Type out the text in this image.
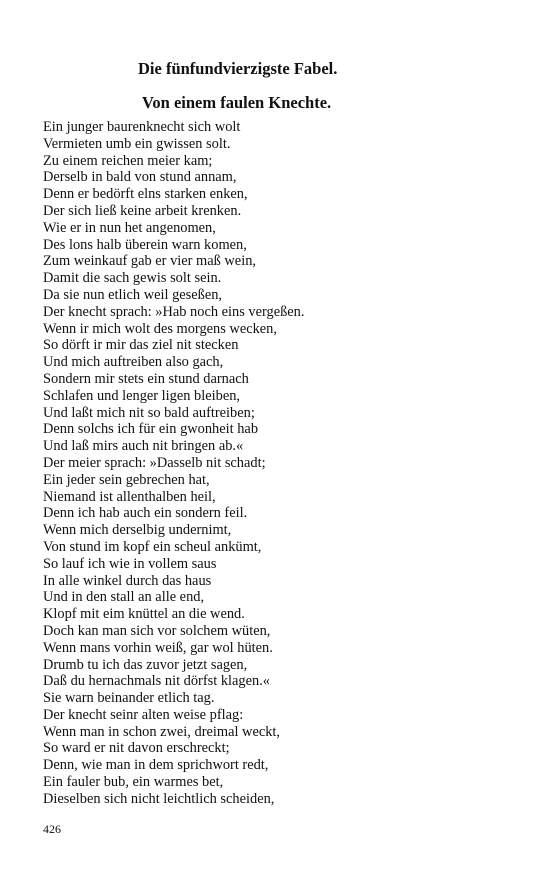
Die fünfundvierzigste Fabel.
Von einem faulen Knechte.
Ein junger baurenknecht sich wolt
Vermieten umb ein gwissen solt.
Zu einem reichen meier kam;
Derselb in bald von stund annam,
Denn er bedörft elns starken enken,
Der sich ließ keine arbeit krenken.
Wie er in nun het angenomen,
Des lons halb überein warn komen,
Zum weinkauf gab er vier maß wein,
Damit die sach gewis solt sein.
Da sie nun etlich weil geseßen,
Der knecht sprach: »Hab noch eins vergeßen.
Wenn ir mich wolt des morgens wecken,
So dörft ir mir das ziel nit stecken
Und mich auftreiben also gach,
Sondern mir stets ein stund darnach
Schlafen und lenger ligen bleiben,
Und laßt mich nit so bald auftreiben;
Denn solchs ich für ein gwonheit hab
Und laß mirs auch nit bringen ab.«
Der meier sprach: »Dasselb nit schadt;
Ein jeder sein gebrechen hat,
Niemand ist allenthalben heil,
Denn ich hab auch ein sondern feil.
Wenn mich derselbig undernimt,
Von stund im kopf ein scheul ankümt,
So lauf ich wie in vollem saus
In alle winkel durch das haus
Und in den stall an alle end,
Klopf mit eim knüttel an die wend.
Doch kan man sich vor solchem wüten,
Wenn mans vorhin weiß, gar wol hüten.
Drumb tu ich das zuvor jetzt sagen,
Daß du hernachmals nit dörfst klagen.«
Sie warn beinander etlich tag.
Der knecht seinr alten weise pflag:
Wenn man in schon zwei, dreimal weckt,
So ward er nit davon erschreckt;
Denn, wie man in dem sprichwort redt,
Ein fauler bub, ein warmes bet,
Dieselben sich nicht leichtlich scheiden,
426
